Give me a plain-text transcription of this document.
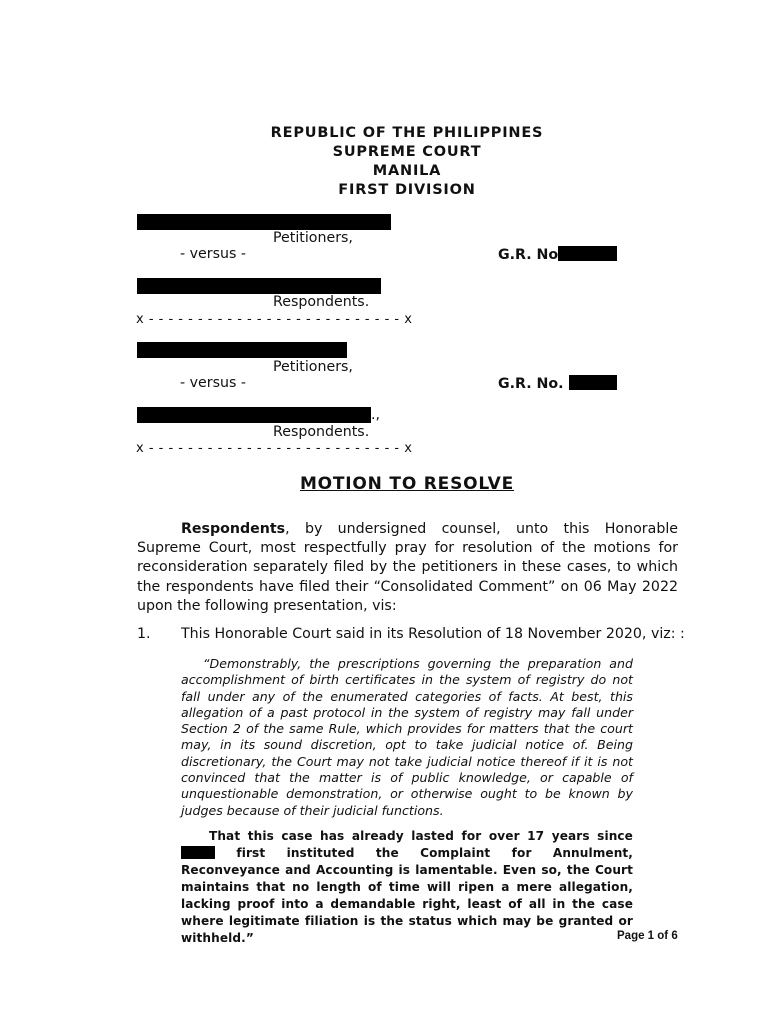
REPUBLIC OF THE PHILIPPINES
SUPREME COURT
MANILA
FIRST DIVISION
Petitioners,
- versus -	G.R. No
Respondents.
x - - - - - - - - - - - - - - - - - - - - - - - - - - x
Petitioners,
- versus -	G.R. No.
.,
Respondents.
x - - - - - - - - - - - - - - - - - - - - - - - - - - x
MOTION TO RESOLVE
Respondents, by undersigned counsel, unto this Honorable Supreme Court, most respectfully pray for resolution of the motions for reconsideration separately filed by the petitioners in these cases, to which the respondents have filed their “Consolidated Comment” on 06 May 2022 upon the following presentation, vis:
1. This Honorable Court said in its Resolution of 18 November 2020, viz: :
“Demonstrably, the prescriptions governing the preparation and accomplishment of birth certificates in the system of registry do not fall under any of the enumerated categories of facts. At best, this allegation of a past protocol in the system of registry may fall under Section 2 of the same Rule, which provides for matters that the court may, in its sound discretion, opt to take judicial notice of. Being discretionary, the Court may not take judicial notice thereof if it is not convinced that the matter is of public knowledge, or capable of unquestionable demonstration, or otherwise ought to be known by judges because of their judicial functions.
That this case has already lasted for over 17 years since  first instituted the Complaint for Annulment, Reconveyance and Accounting is lamentable. Even so, the Court maintains that no length of time will ripen a mere allegation, lacking proof into a demandable right, least of all in the case where legitimate filiation is the status which may be granted or withheld.”	Page 1 of 6
